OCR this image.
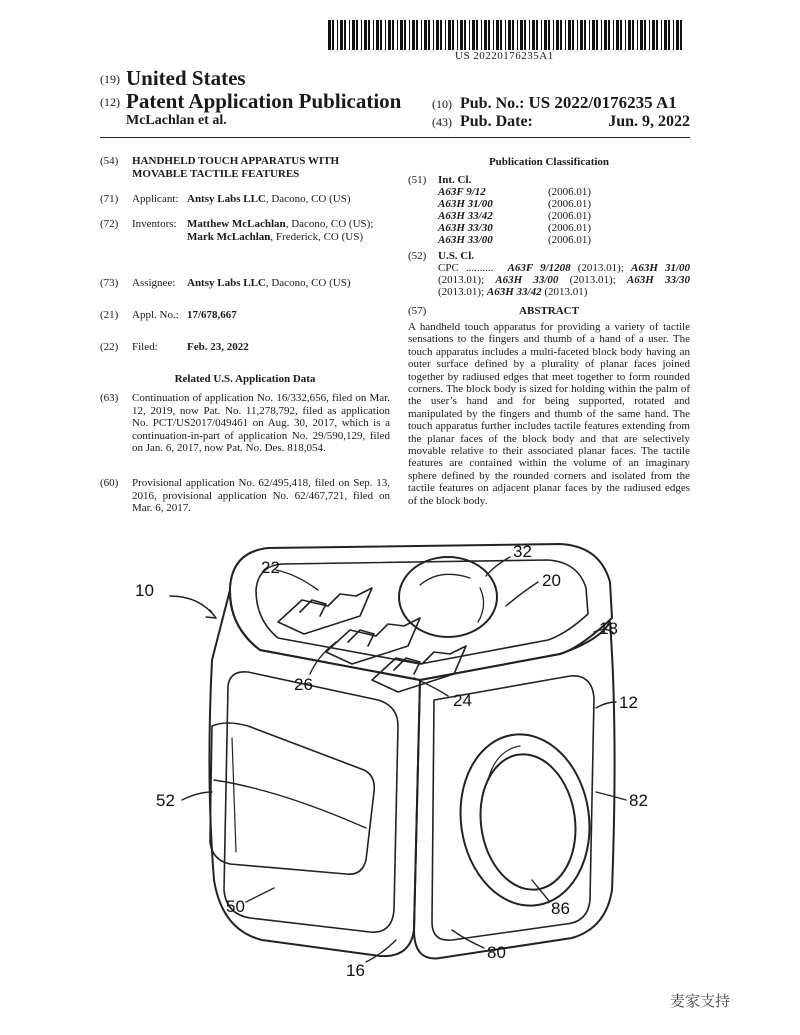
US 20220176235A1
(19) United States
(12) Patent Application Publication
McLachlan et al.
(10) Pub. No.: US 2022/0176235 A1
(43) Pub. Date:	Jun. 9, 2022
(54)	HANDHELD TOUCH APPARATUS WITH MOVABLE TACTILE FEATURES
(71)	Applicant: Antsy Labs LLC, Dacono, CO (US)
(72)	Inventors: Matthew McLachlan, Dacono, CO (US); Mark McLachlan, Frederick, CO (US)
(73)	Assignee:	Antsy Labs LLC, Dacono, CO (US)
(21)	Appl. No.: 17/678,667
(22)	Filed:	Feb. 23, 2022
Related U.S. Application Data
(63)	Continuation of application No. 16/332,656, filed on Mar. 12, 2019, now Pat. No. 11,278,792, filed as application No. PCT/US2017/049461 on Aug. 30, 2017, which is a continuation-in-part of application No. 29/590,129, filed on Jan. 6, 2017, now Pat. No. Des. 818,054.
(60)	Provisional application No. 62/495,418, filed on Sep. 13, 2016, provisional application No. 62/467,721, filed on Mar. 6, 2017.
Publication Classification
(51)	Int. Cl.
A63F 9/12	(2006.01)
A63H 31/00	(2006.01)
A63H 33/42	(2006.01)
A63H 33/30	(2006.01)
A63H 33/00	(2006.01)
(52)	U.S. Cl.
CPC .......... A63F 9/1208 (2013.01); A63H 31/00 (2013.01); A63H 33/00 (2013.01); A63H 33/30 (2013.01); A63H 33/42 (2013.01)
(57)	ABSTRACT
A handheld touch apparatus for providing a variety of tactile sensations to the fingers and thumb of a hand of a user. The touch apparatus includes a multi-faceted block body having an outer surface defined by a plurality of planar faces joined together by radiused edges that meet together to form rounded corners. The block body is sized for holding within the palm of the user’s hand and for being supported, rotated and manipulated by the fingers and thumb of the same hand. The touch apparatus further includes tactile features extending from the planar faces of the block body and that are selectively movable relative to their associated planar faces. The tactile features are contained within the volume of an imaginary sphere defined by the rounded corners and isolated from the tactile features on adjacent planar faces by the radiused edges of the block body.
10
22
32
20
18
12
26
24
52	82
50	86
80
16
麦家支持
